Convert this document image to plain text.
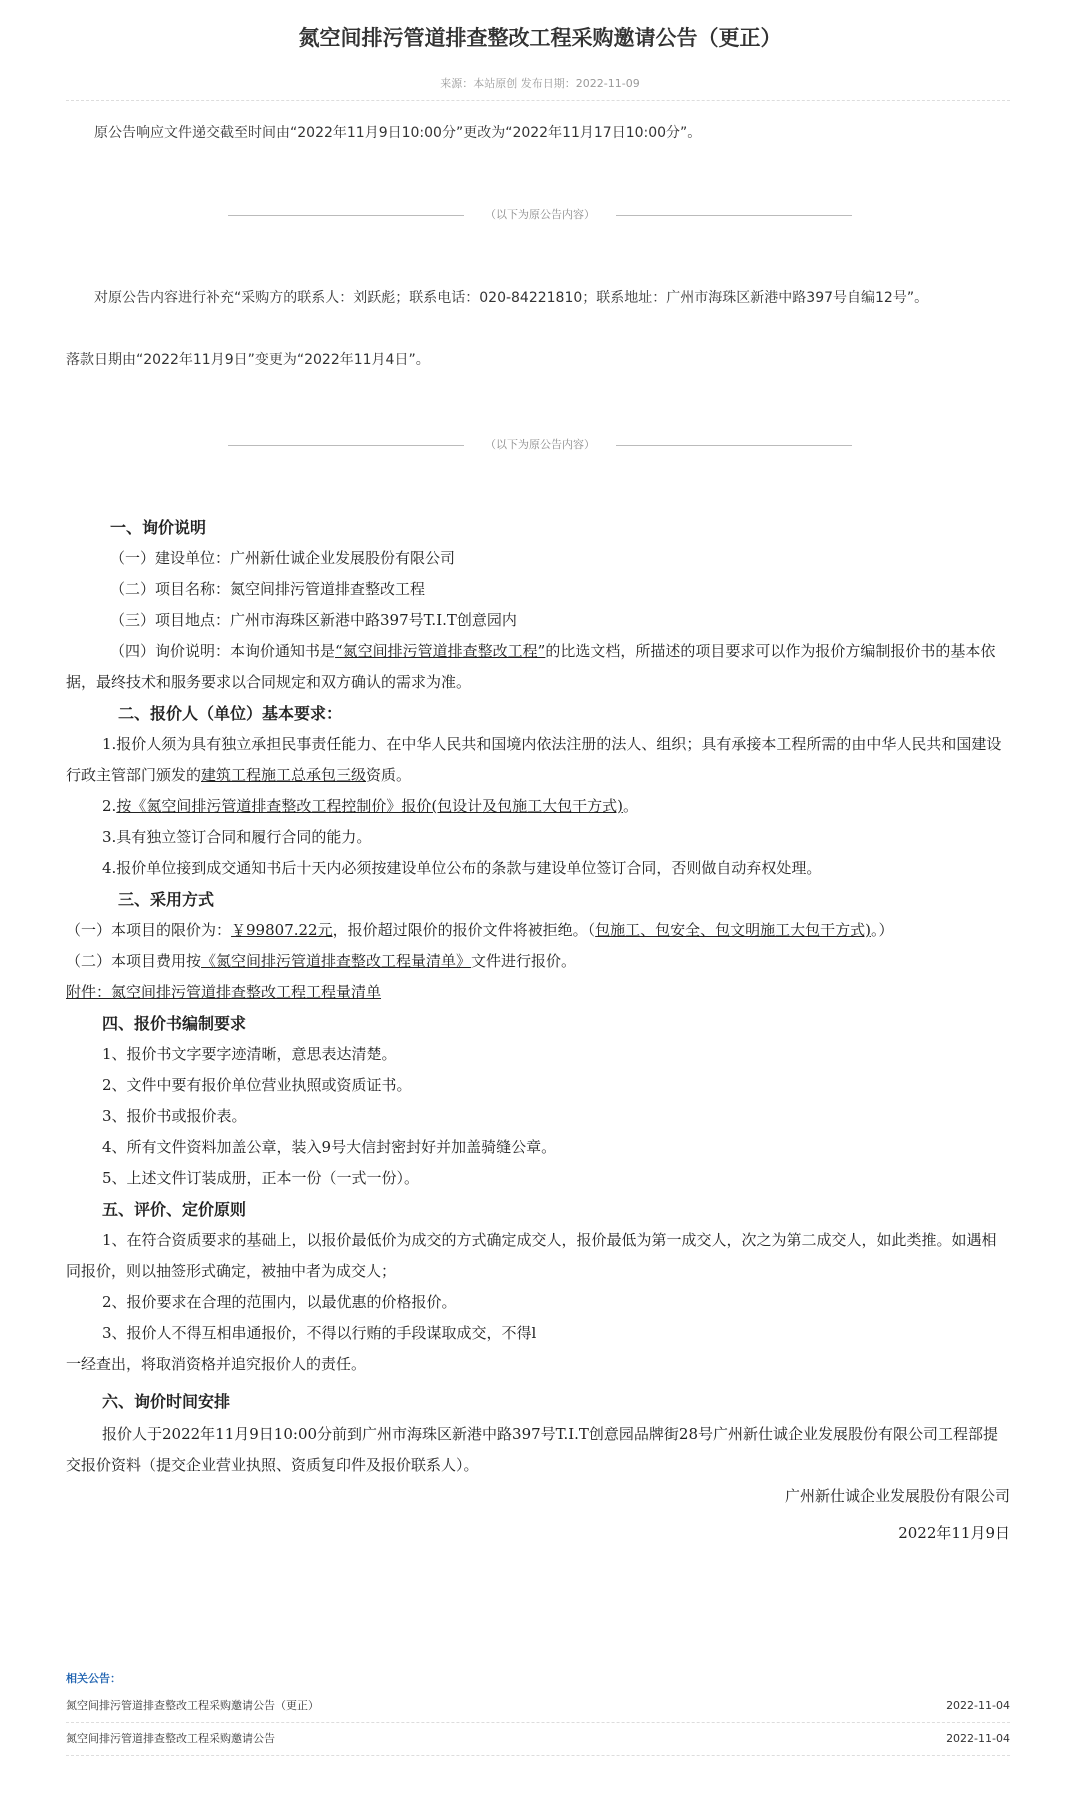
氮空间排污管道排查整改工程采购邀请公告（更正）
来源：本站原创 发布日期：2022-11-09
原公告响应文件递交截至时间由“2022年11月9日10:00分”更改为“2022年11月17日10:00分”。
（以下为原公告内容）
对原公告内容进行补充“采购方的联系人：刘跃彪；联系电话：020-84221810；联系地址：广州市海珠区新港中路397号自编12号”。
落款日期由“2022年11月9日”变更为“2022年11月4日”。
（以下为原公告内容）
一、询价说明
（一）建设单位：广州新仕诚企业发展股份有限公司
（二）项目名称：氮空间排污管道排查整改工程
（三）项目地点：广州市海珠区新港中路397号T.I.T创意园内
（四）询价说明：本询价通知书是“氮空间排污管道排查整改工程”的比选文档，所描述的项目要求可以作为报价方编制报价书的基本依据，最终技术和服务要求以合同规定和双方确认的需求为准。
二、报价人（单位）基本要求：
1.报价人须为具有独立承担民事责任能力、在中华人民共和国境内依法注册的法人、组织；具有承接本工程所需的由中华人民共和国建设行政主管部门颁发的建筑工程施工总承包三级资质。
2.按《氮空间排污管道排查整改工程控制价》报价(包设计及包施工大包干方式)。
3.具有独立签订合同和履行合同的能力。
4.报价单位接到成交通知书后十天内必须按建设单位公布的条款与建设单位签订合同，否则做自动弃权处理。
三、采用方式
（一）本项目的限价为：￥99807.22元，报价超过限价的报价文件将被拒绝。（包施工、包安全、包文明施工大包干方式)。）
（二）本项目费用按《氮空间排污管道排查整改工程量清单》文件进行报价。
附件：氮空间排污管道排查整改工程工程量清单
四、报价书编制要求
1、报价书文字要字迹清晰，意思表达清楚。
2、文件中要有报价单位营业执照或资质证书。
3、报价书或报价表。
4、所有文件资料加盖公章，装入9号大信封密封好并加盖骑缝公章。
5、上述文件订装成册，正本一份（一式一份）。
五、评价、定价原则
1、在符合资质要求的基础上，以报价最低价为成交的方式确定成交人，报价最低为第一成交人，次之为第二成交人，如此类推。如遇相同报价，则以抽签形式确定，被抽中者为成交人；
2、报价要求在合理的范围内，以最优惠的价格报价。
3、报价人不得互相串通报价，不得以行贿的手段谋取成交，不得l
一经查出，将取消资格并追究报价人的责任。
六、询价时间安排
报价人于2022年11月9日10:00分前到广州市海珠区新港中路397号T.I.T创意园品牌街28号广州新仕诚企业发展股份有限公司工程部提交报价资料（提交企业营业执照、资质复印件及报价联系人）。
广州新仕诚企业发展股份有限公司
2022年11月9日
相关公告：
氮空间排污管道排查整改工程采购邀请公告（更正）	2022-11-04
氮空间排污管道排查整改工程采购邀请公告	2022-11-04
